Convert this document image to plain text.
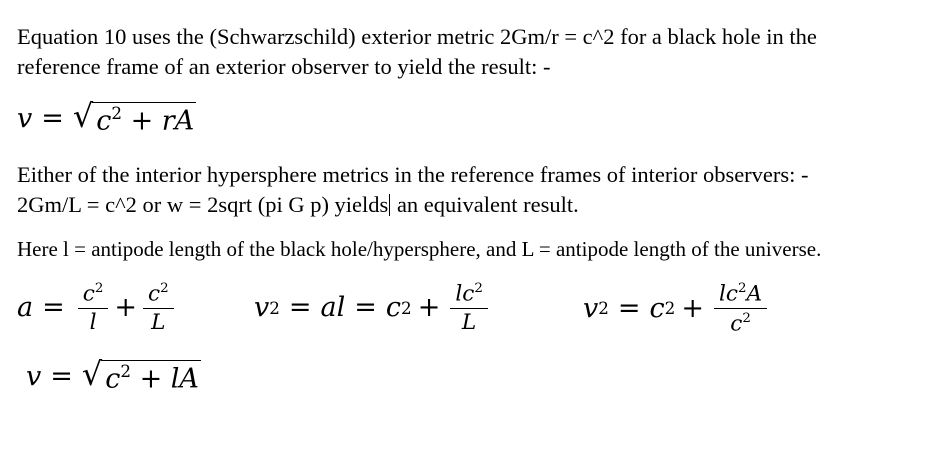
Equation 10 uses the (Schwarzschild) exterior metric 2Gm/r = c^2 for a black hole in the
reference frame of an exterior observer to yield the result: -
v = √ $c^2$ + rA
Either of the interior hypersphere metrics in the reference frames of interior observers: -
2Gm/L = c^2 or w = 2sqrt (pi G p) yields an equivalent result.
Here l = antipode length of the black hole/hypersphere, and L = antipode length of the universe.
$a = \frac{c^2}{l} + \frac{c^2}{L}$	v 2 = al = c $2 + \frac{lc^2}{L}$	v 2 = c $2 + \frac{lc^2A}{c^2}$
v = √ $c^2$ + lA
